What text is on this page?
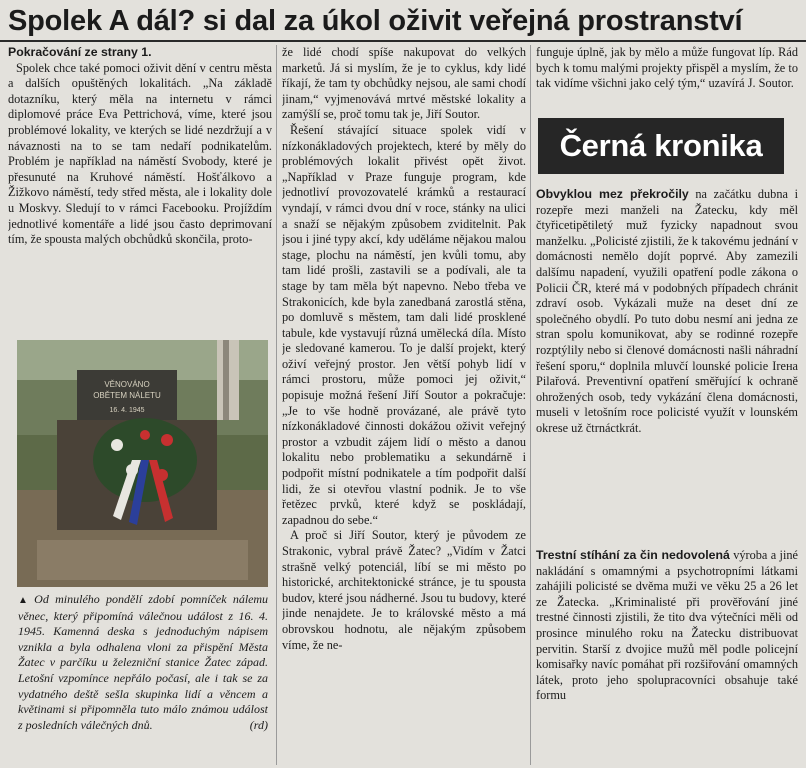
Spolek A dál? si dal za úkol oživit veřejná prostranství
Pokračování ze strany 1.

Spolek chce také pomoci oživit dění v centru města a dalších opuštěných lokalitách. „Na základě dotazníku, který měla na internetu v rámci diplomové práce Eva Pettrichová, víme, které jsou problémové lokality, ve kterých se lidé nezdržují a v návaznosti na to se tam nedaří podnikatelům. Problém je například na náměstí Svobody, které je přesunuté na Kruhové náměstí. Hošťálkovo a Žižkovo náměstí, tedy střed města, ale i lokality dole u Moskvy. Sledují to v rámci Facebooku. Projíždím jednotlivé komentáře a lidé jsou často deprimovaní tím, že spousta malých obchůdků skončila, proto-

VĚNOVÁNO
OBĚTEM NÁLETU
16. 4. 1945
▲ Od minulého pondělí zdobí pomníček nálетu věnec, který připomíná válečnou událost z 16. 4. 1945. Kamenná deska s jednoduchým nápisem vznikla a byla odhalena vloni za přispění Města Žatec v parčíku u železniční stanice Žatec západ. Letošní vzpomínce nepřálo počasí, ale i tak se za vydatného deště sešla skupinka lidí a věncem a květinami si připomněla tuto málo známou událost z posledních válečných dnů.	(rd)

že lidé chodí spíše nakupovat do velkých marketů. Já si myslím, že je to cyklus, kdy lidé říkají, že tam ty obchůdky nejsou, ale sami chodí jinam,“ vyjmenovává mrtvé městské lokality a zamýšlí se, proč tomu tak je, Jiří Soutor.

Řešení stávající situace spolek vidí v nízkonákladových projektech, které by měly do problémových lokalit přivést opět život. „Například v Praze funguje program, kde jednotliví provozovatelé krámků a restaurací vyndají, v rámci dvou dní v roce, stánky na ulici a snaží se nějakým způsobem zviditelnit. Pak jsou i jiné typy akcí, kdy uděláme nějakou malou stage, plochu na náměstí, jen kvůli tomu, aby tam lidé prošli, zastavili se a podívali, ale ta stage by tam měla být napevno. Nebo třeba ve Strakonicích, kde byla zanedbaná zarostlá stěna, po domluvě s městem, tam dali lidé prosklené tabule, kde vystavují různá umělecká díla. Místo je sledované kamerou. To je další projekt, který oživí veřejný prostor. Jen větší pohyb lidí v rámci prostoru, může pomoci jej oživit,“ popisuje možná řešení Jiří Soutor a pokračuje: „Je to vše hodně provázané, ale právě tyto nízkonákladové činnosti dokážou oživit veřejný prostor a vzbudit zájem lidí o město a danou lokalitu nebo problematiku a sekundárně i podpořit místní podnikatele a tím podpořit další lidi, že si otevřou vlastní podnik. Je to vše řetězec prvků, které když se poskládají, zapadnou do sebe.“

A proč si Jiří Soutor, který je původem ze Strakonic, vybral právě Žatec? „Vidím v Žatci strašně velký potenciál, líbí se mi město po historické, architektonické stránce, je tu spousta budov, které jsou nádherné. Jsou tu budovy, které jinde nenajdete. Je to královské město a má obrovskou hodnotu, ale nějakým způsobem víme, že ne-

funguje úplně, jak by mělo a může fungovat líp. Rád bych k tomu malými projekty přispěl a myslím, že to tak vidíme všichni jako celý tým,“ uzavírá J. Soutor.

Černá kronika

Obvyklou mez překročily na začátku dubna i rozepře mezi manželi na Žatecku, kdy měl čtyřicetipětiletý muž fyzicky napadnout svou manželku. „Policisté zjistili, že k takovému jednání v domácnosti nemělo dojít poprvé. Aby zamezili dalšímu napadení, využili opatření podle zákona o Policii ČR, které má v podobných případech chránit zdraví osob. Vykázali muže na deset dní ze společného obydlí. Po tuto dobu nesmí ani jedna ze stran spolu komunikovat, aby se rodinné rozepře rozptýlily nebo si členové domácnosti našli náhradní řešení sporu,“ doplnila mluvčí lounské policie Ireна Pilařová. Preventivní opatření směřující k ochraně ohrožených osob, tedy vykázání člena domácnosti, museli v letošním roce policisté využít v lounském okrese už čtrnáctkrát.

Trestní stíhání za čin nedovolená výroba a jiné nakládání s omamnými a psychotropními látkami zahájili policisté se dvěma muži ve věku 25 a 26 let ze Žatecka. „Kriminalisté při prověřování jiné trestné činnosti zjistili, že tito dva výtečníci měli od prosince minulého roku na Žatecku distribuovat pervitin. Starší z dvojice mužů měl podle policejní komisařky navíc pomáhat při rozšiřování omamných látek, proto jeho spolupracovníci obsahuje také formu
